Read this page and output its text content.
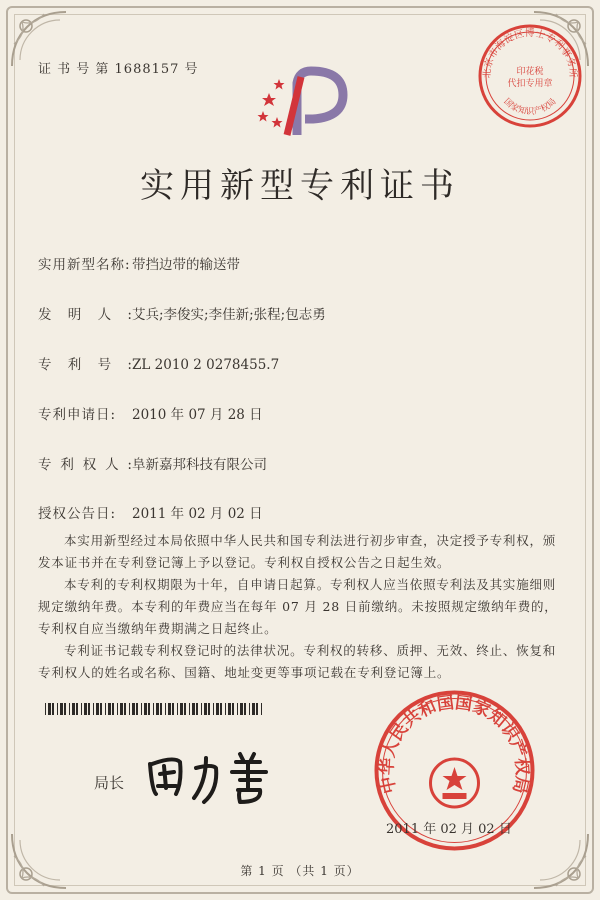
证 书 号 第 1688157 号	北京市海淀区博士专利事务所
印花税
代扣专用章
国家知识产权局
实用新型专利证书
实用新型名称:带挡边带的输送带
发明人:艾兵;李俊实;李佳新;张程;包志勇
专利号:ZL 2010 2 0278455.7
专利申请日: 2010 年 07 月 28 日
专利权人:阜新嘉邦科技有限公司
授权公告日: 2011 年 02 月 02 日
本实用新型经过本局依照中华人民共和国专利法进行初步审查，决定授予专利权，颁发本证书并在专利登记簿上予以登记。专利权自授权公告之日起生效。
本专利的专利权期限为十年，自申请日起算。专利权人应当依照专利法及其实施细则规定缴纳年费。本专利的年费应当在每年 07 月 28 日前缴纳。未按照规定缴纳年费的，专利权自应当缴纳年费期满之日起终止。
专利证书记载专利权登记时的法律状况。专利权的转移、质押、无效、终止、恢复和专利权人的姓名或名称、国籍、地址变更等事项记载在专利登记簿上。
局长	中华人民共和国国家知识产权局
2011 年 02 月 02 日
第 1 页 （共 1 页）
